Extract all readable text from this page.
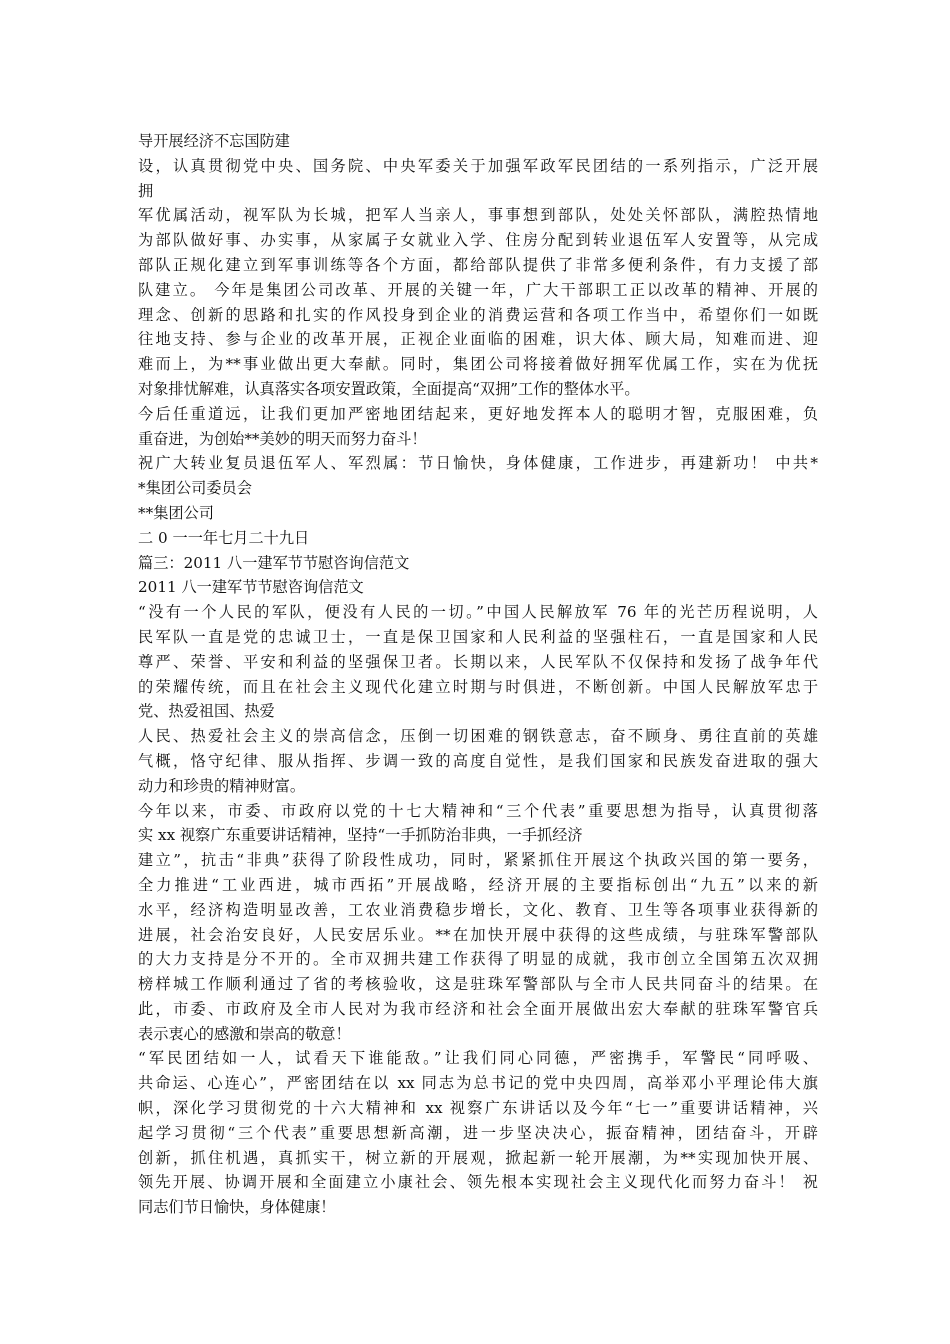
导开展经济不忘国防建
设，认真贯彻党中央、国务院、中央军委关于加强军政军民团结的一系列指示，广泛开展
拥
军优属活动，视军队为长城，把军人当亲人，事事想到部队，处处关怀部队，满腔热情地
为部队做好事、办实事，从家属子女就业入学、住房分配到转业退伍军人安置等，从完成
部队正规化建立到军事训练等各个方面，都给部队提供了非常多便利条件，有力支援了部
队建立。 今年是集团公司改革、开展的关键一年，广大干部职工正以改革的精神、开展的
理念、创新的思路和扎实的作风投身到企业的消费运营和各项工作当中，希望你们一如既
往地支持、参与企业的改革开展，正视企业面临的困难，识大体、顾大局，知难而进、迎
难而上，为**事业做出更大奉献。同时，集团公司将接着做好拥军优属工作，实在为优抚
对象排忧解难，认真落实各项安置政策，全面提高“双拥”工作的整体水平。
今后任重道远，让我们更加严密地团结起来，更好地发挥本人的聪明才智，克服困难，负
重奋进，为创始**美妙的明天而努力奋斗！
祝广大转业复员退伍军人、军烈属：节日愉快，身体健康，工作进步，再建新功！ 中共*
*集团公司委员会
**集团公司
二 0 一一年七月二十九日
篇三：2011 八一建军节节慰咨询信范文
2011 八一建军节节慰咨询信范文
“没有一个人民的军队，便没有人民的一切。”中国人民解放军 76 年的光芒历程说明，人
民军队一直是党的忠诚卫士，一直是保卫国家和人民利益的坚强柱石，一直是国家和人民
尊严、荣誉、平安和利益的坚强保卫者。长期以来，人民军队不仅保持和发扬了战争年代
的荣耀传统，而且在社会主义现代化建立时期与时俱进，不断创新。中国人民解放军忠于
党、热爱祖国、热爱
人民、热爱社会主义的崇高信念，压倒一切困难的钢铁意志，奋不顾身、勇往直前的英雄
气概，恪守纪律、服从指挥、步调一致的高度自觉性，是我们国家和民族发奋进取的强大
动力和珍贵的精神财富。
今年以来，市委、市政府以党的十七大精神和“三个代表”重要思想为指导，认真贯彻落
实 xx 视察广东重要讲话精神，坚持“一手抓防治非典，一手抓经济
建立”，抗击“非典”获得了阶段性成功，同时，紧紧抓住开展这个执政兴国的第一要务，
全力推进“工业西进，城市西拓”开展战略，经济开展的主要指标创出“九五”以来的新
水平，经济构造明显改善，工农业消费稳步增长，文化、教育、卫生等各项事业获得新的
进展，社会治安良好，人民安居乐业。**在加快开展中获得的这些成绩，与驻珠军警部队
的大力支持是分不开的。全市双拥共建工作获得了明显的成就，我市创立全国第五次双拥
榜样城工作顺利通过了省的考核验收，这是驻珠军警部队与全市人民共同奋斗的结果。在
此，市委、市政府及全市人民对为我市经济和社会全面开展做出宏大奉献的驻珠军警官兵
表示衷心的感激和崇高的敬意！
“军民团结如一人，试看天下谁能敌。”让我们同心同德，严密携手，军警民“同呼吸、
共命运、心连心”，严密团结在以 xx 同志为总书记的党中央四周，高举邓小平理论伟大旗
帜，深化学习贯彻党的十六大精神和 xx 视察广东讲话以及今年“七一”重要讲话精神，兴
起学习贯彻“三个代表”重要思想新高潮，进一步坚决决心，振奋精神，团结奋斗，开辟
创新，抓住机遇，真抓实干，树立新的开展观，掀起新一轮开展潮，为**实现加快开展、
领先开展、协调开展和全面建立小康社会、领先根本实现社会主义现代化而努力奋斗！ 祝
同志们节日愉快，身体健康！
